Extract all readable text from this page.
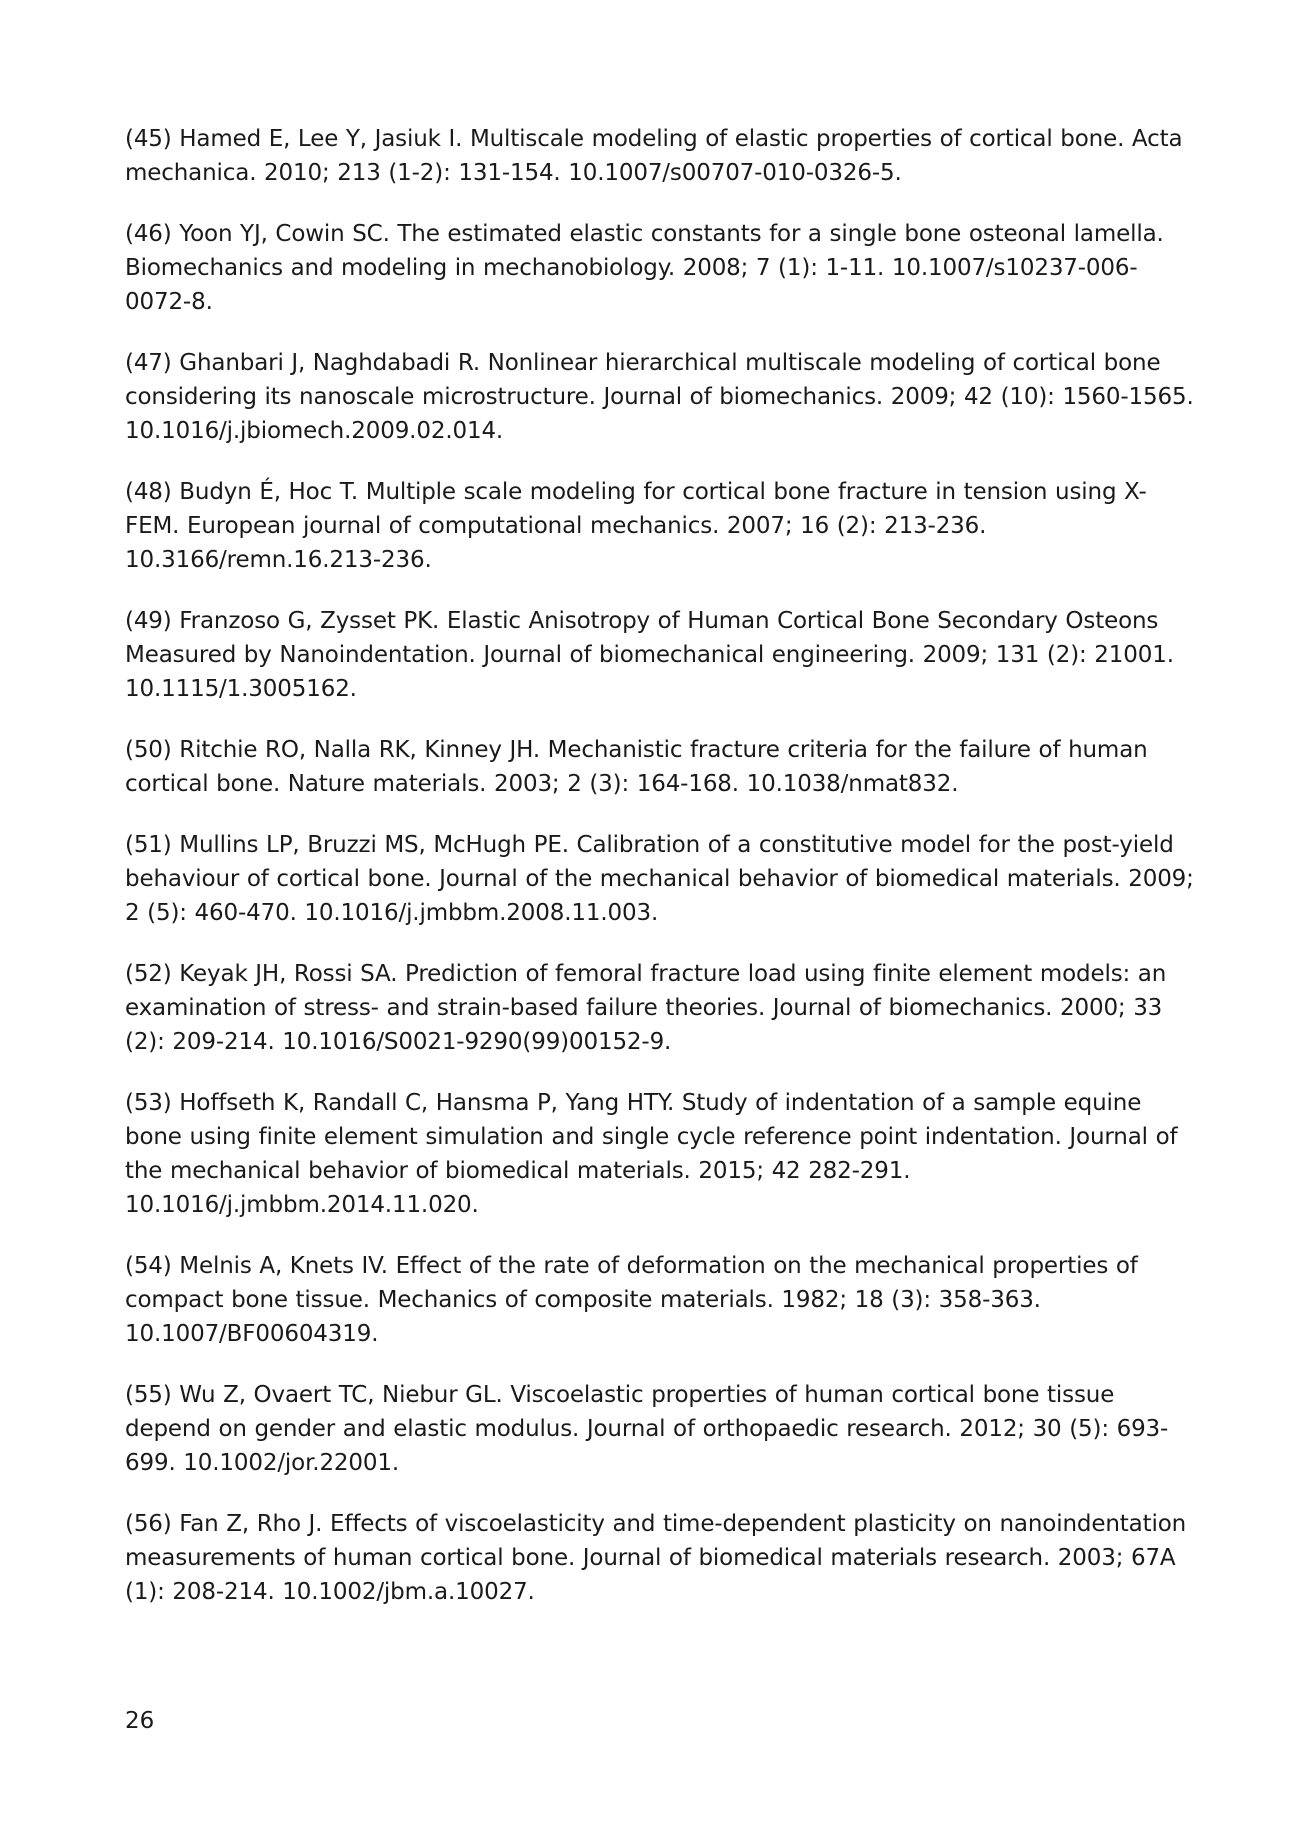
(45) Hamed E, Lee Y, Jasiuk I. Multiscale modeling of elastic properties of cortical bone. Acta mechanica. 2010; 213 (1-2): 131-154. 10.1007/s00707-010-0326-5.

(46) Yoon YJ, Cowin SC. The estimated elastic constants for a single bone osteonal lamella. Biomechanics and modeling in mechanobiology. 2008; 7 (1): 1-11. 10.1007/s10237-006-0072-8.

(47) Ghanbari J, Naghdabadi R. Nonlinear hierarchical multiscale modeling of cortical bone considering its nanoscale microstructure. Journal of biomechanics. 2009; 42 (10): 1560-1565. 10.1016/j.jbiomech.2009.02.014.

(48) Budyn É, Hoc T. Multiple scale modeling for cortical bone fracture in tension using X-FEM. European journal of computational mechanics. 2007; 16 (2): 213-236. 10.3166/remn.16.213-236.

(49) Franzoso G, Zysset PK. Elastic Anisotropy of Human Cortical Bone Secondary Osteons Measured by Nanoindentation. Journal of biomechanical engineering. 2009; 131 (2): 21001. 10.1115/1.3005162.

(50) Ritchie RO, Nalla RK, Kinney JH. Mechanistic fracture criteria for the failure of human cortical bone. Nature materials. 2003; 2 (3): 164-168. 10.1038/nmat832.

(51) Mullins LP, Bruzzi MS, McHugh PE. Calibration of a constitutive model for the post-yield behaviour of cortical bone. Journal of the mechanical behavior of biomedical materials. 2009; 2 (5): 460-470. 10.1016/j.jmbbm.2008.11.003.

(52) Keyak JH, Rossi SA. Prediction of femoral fracture load using finite element models: an examination of stress- and strain-based failure theories. Journal of biomechanics. 2000; 33 (2): 209-214. 10.1016/S0021-9290(99)00152-9.

(53) Hoffseth K, Randall C, Hansma P, Yang HTY. Study of indentation of a sample equine bone using finite element simulation and single cycle reference point indentation. Journal of the mechanical behavior of biomedical materials. 2015; 42 282-291. 10.1016/j.jmbbm.2014.11.020.

(54) Melnis A, Knets IV. Effect of the rate of deformation on the mechanical properties of compact bone tissue. Mechanics of composite materials. 1982; 18 (3): 358-363. 10.1007/BF00604319.

(55) Wu Z, Ovaert TC, Niebur GL. Viscoelastic properties of human cortical bone tissue depend on gender and elastic modulus. Journal of orthopaedic research. 2012; 30 (5): 693-699. 10.1002/jor.22001.

(56) Fan Z, Rho J. Effects of viscoelasticity and time-dependent plasticity on nanoindentation measurements of human cortical bone. Journal of biomedical materials research. 2003; 67A (1): 208-214. 10.1002/jbm.a.10027.

26
